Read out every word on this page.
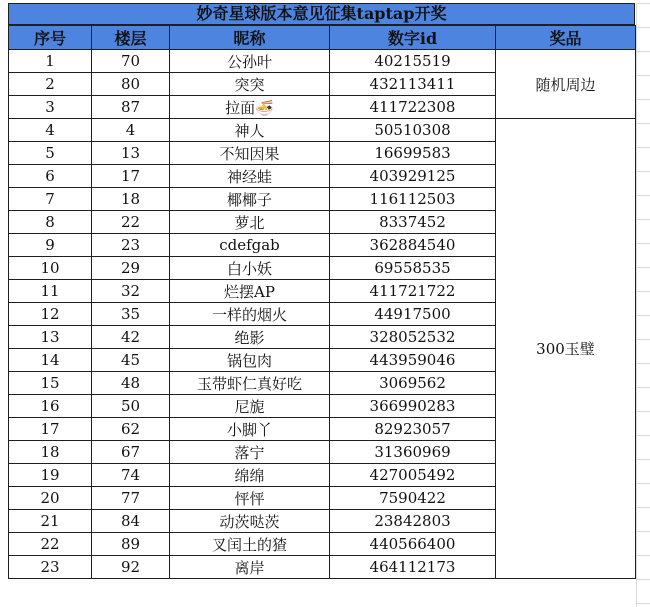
妙奇星球版本意见征集taptap开奖
序号	楼层	昵称	数字id	奖品
1	70	公孙叶	40215519	随机周边
2	80	突突	432113411	
3	87	拉面🍜	411722308	
4	4	神人	50510308	300玉璧
5	13	不知因果	16699583	
6	17	神经蛙	403929125	
7	18	椰椰子	116112503	
8	22	萝北	8337452	
9	23	cdefgab	362884540	
10	29	白小妖	69558535	
11	32	烂摆AP	411721722	
12	35	一样的烟火	44917500	
13	42	绝影	328052532	
14	45	锅包肉	443959046	
15	48	玉带虾仁真好吃	3069562	
16	50	尼旎	366990283	
17	62	小脚丫	82923057	
18	67	落宁	31360969	
19	74	绵绵	427005492	
20	77	怦怦	7590422	
21	84	动茨哒茨	23842803	
22	89	叉闰土的猹	440566400	
23	92	离岸	464112173	
